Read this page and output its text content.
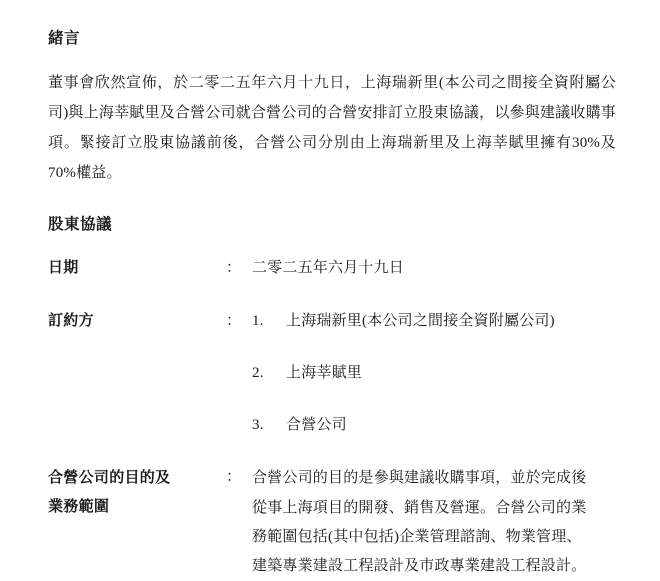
緒言

董事會欣然宣佈，於二零二五年六月十九日，上海瑞新里(本公司之間接全資附屬公司)與上海莘賦里及合營公司就合營公司的合營安排訂立股東協議，以參與建議收購事項。緊接訂立股東協議前後，合營公司分別由上海瑞新里及上海莘賦里擁有30%及70%權益。

股東協議
日期	：	二零二五年六月十九日
訂約方	：	1. 上海瑞新里(本公司之間接全資附屬公司)
2. 上海莘賦里
3. 合營公司

合營公司的目的及
業務範圍
	：	合營公司的目的是參與建議收購事項，並於完成後
從事上海項目的開發、銷售及營運。合營公司的業
務範圍包括(其中包括)企業管理諮詢、物業管理、
建築專業建設工程設計及市政專業建設工程設計。
